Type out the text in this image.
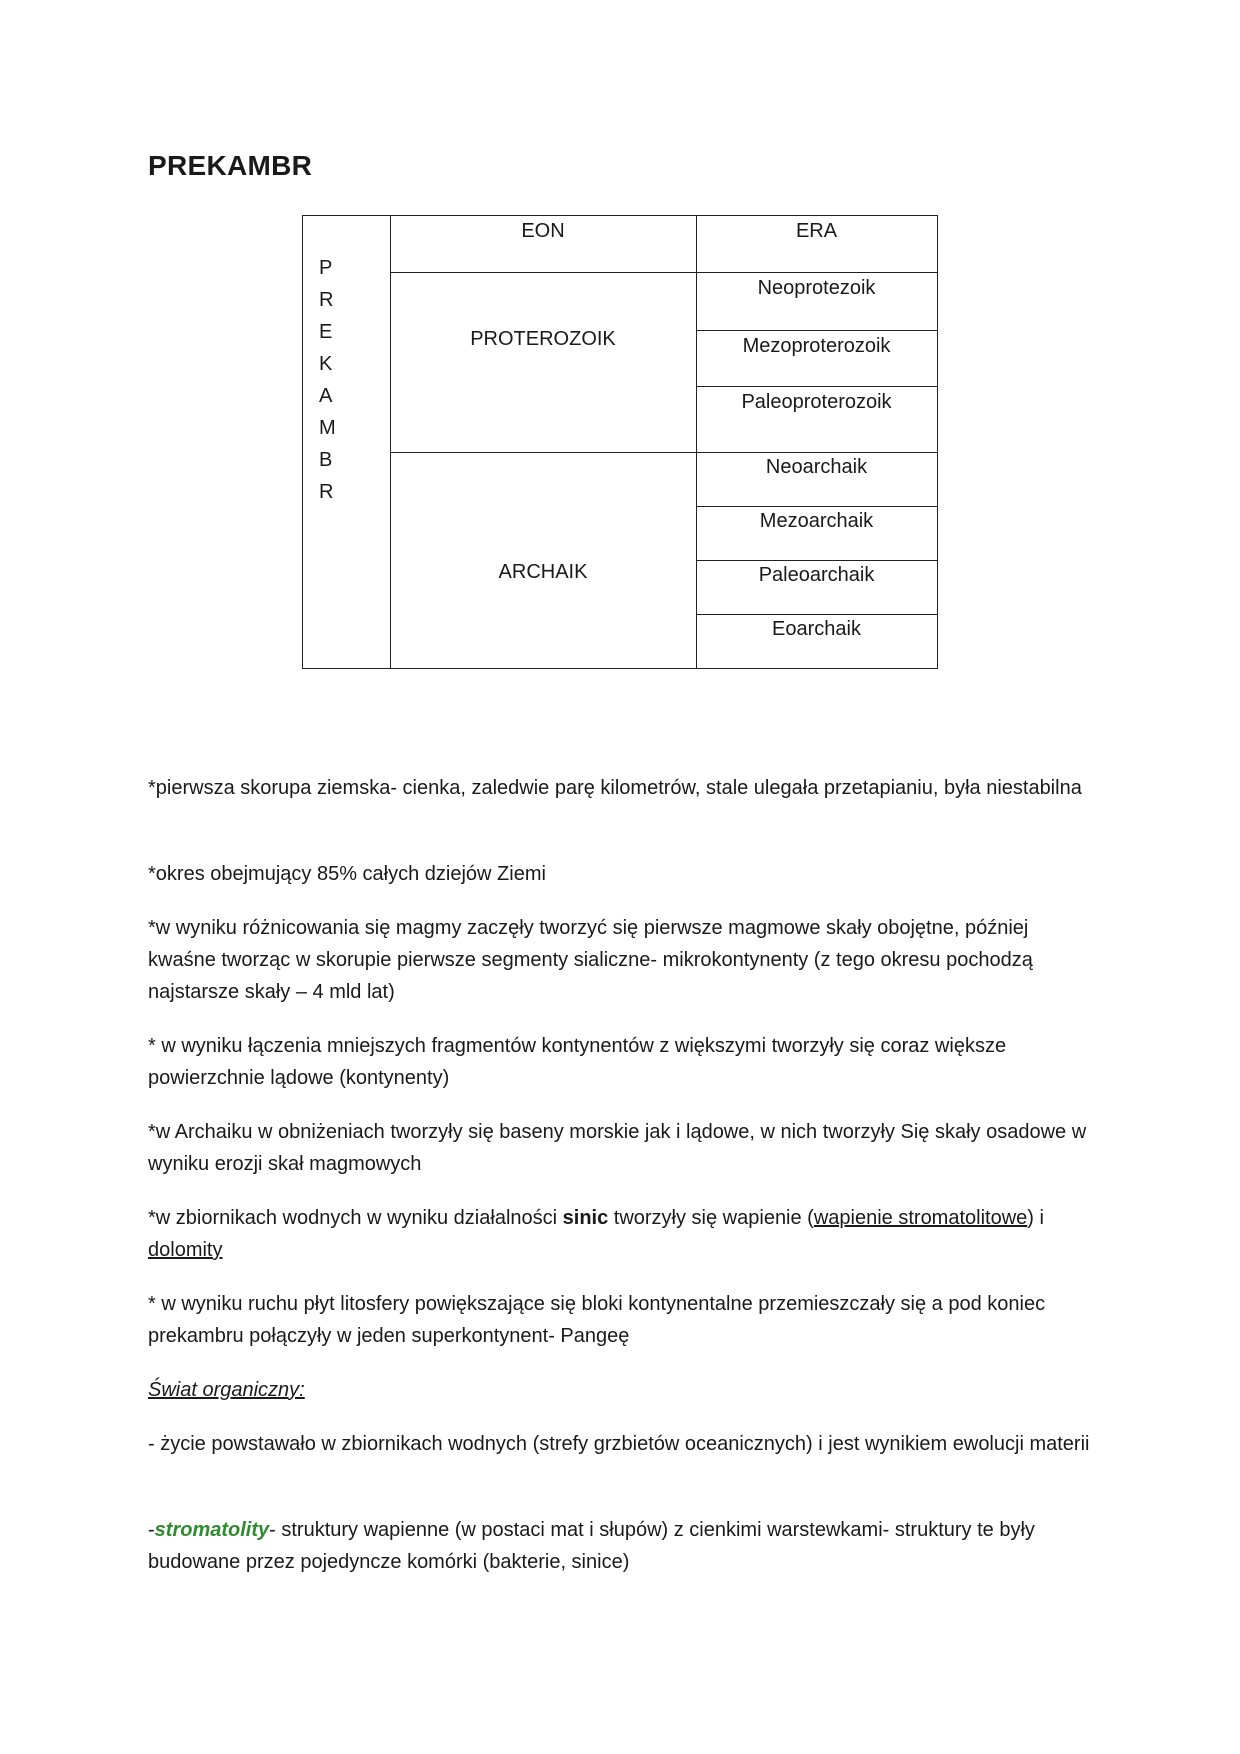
PREKAMBR
P
R
E
K
A
M
B
R
EON	ERA
PROTEROZOIK
Neoprotezoik
Mezoproterozoik
Paleoproterozoik
ARCHAIK
Neoarchaik
Mezoarchaik
Paleoarchaik
Eoarchaik
*pierwsza skorupa ziemska- cienka, zaledwie parę kilometrów, stale ulegała przetapianiu, była niestabilna
*okres obejmujący 85% całych dziejów Ziemi
*w wyniku różnicowania się magmy zaczęły tworzyć się pierwsze magmowe skały obojętne, później kwaśne tworząc w skorupie pierwsze segmenty sialiczne- mikrokontynenty (z tego okresu pochodzą najstarsze skały – 4 mld lat)
* w wyniku łączenia mniejszych fragmentów kontynentów z większymi tworzyły się coraz większe powierzchnie lądowe (kontynenty)
*w Archaiku w obniżeniach tworzyły się baseny morskie jak i lądowe, w nich tworzyły Się skały osadowe w wyniku erozji skał magmowych
*w zbiornikach wodnych w wyniku działalności sinic tworzyły się wapienie (wapienie stromatolitowe) i dolomity
* w wyniku ruchu płyt litosfery powiększające się bloki kontynentalne przemieszczały się a pod koniec prekambru połączyły w jeden superkontynent- Pangeę
Świat organiczny:
- życie powstawało w zbiornikach wodnych (strefy grzbietów oceanicznych) i jest wynikiem ewolucji materii
-stromatolity- struktury wapienne (w postaci mat i słupów) z cienkimi warstewkami- struktury te były budowane przez pojedyncze komórki (bakterie, sinice)
